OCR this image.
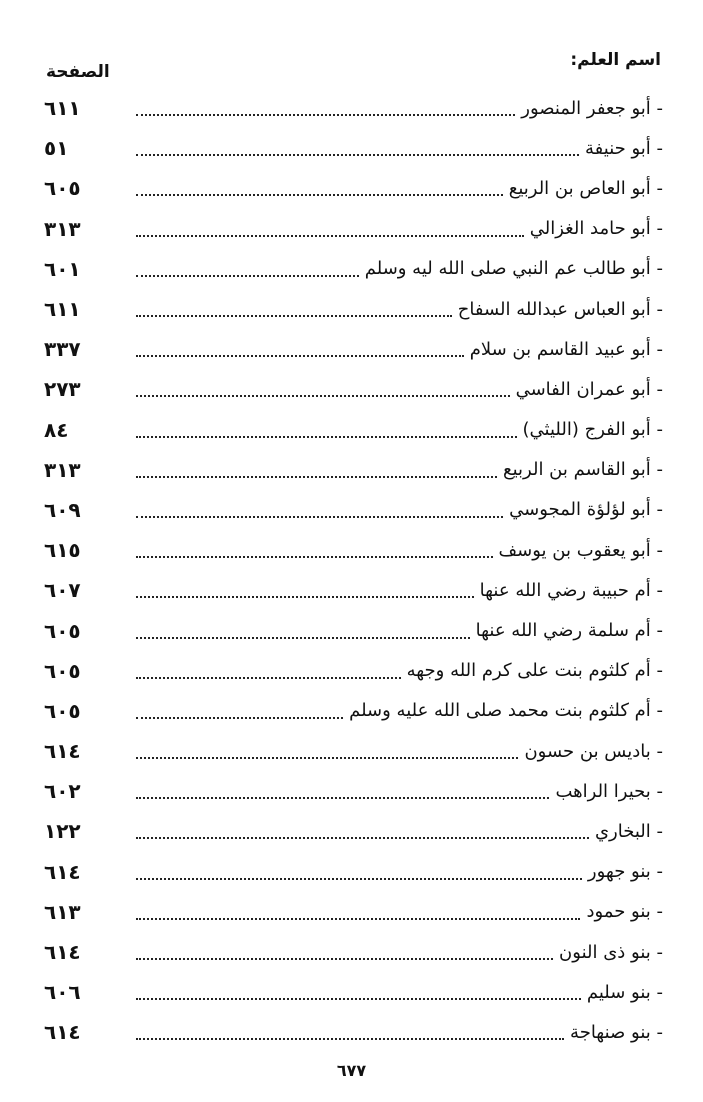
اسم العلم:
الصفحة
- أبو جعفر المنصور
٦١١
- أبو حنيفة
٥١
- أبو العاص بن الربيع
٦٠٥
- أبو حامد الغزالي
٣١٣
- أبو طالب عم النبي صلى الله ليه وسلم
٦٠١
- أبو العباس عبدالله السفاح
٦١١
- أبو عبيد القاسم بن سلام
٣٣٧
- أبو عمران الفاسي
٢٧٣
- أبو الفرج (الليثي)
٨٤
- أبو القاسم بن الربيع
٣١٣
- أبو لؤلؤة المجوسي
٦٠٩
- أبو يعقوب بن يوسف
٦١٥
- أم حبيبة رضي الله عنها
٦٠٧
- أم سلمة رضي الله عنها
٦٠٥
- أم كلثوم بنت على كرم الله وجهه
٦٠٥
- أم كلثوم بنت محمد صلى الله عليه وسلم
٦٠٥
- باديس بن حسون
٦١٤
- بحيرا الراهب
٦٠٢
- البخاري
١٢٢
- بنو جهور
٦١٤
- بنو حمود
٦١٣
- بنو ذى النون
٦١٤
- بنو سليم
٦٠٦
- بنو صنهاجة
٦١٤
٦٧٧
